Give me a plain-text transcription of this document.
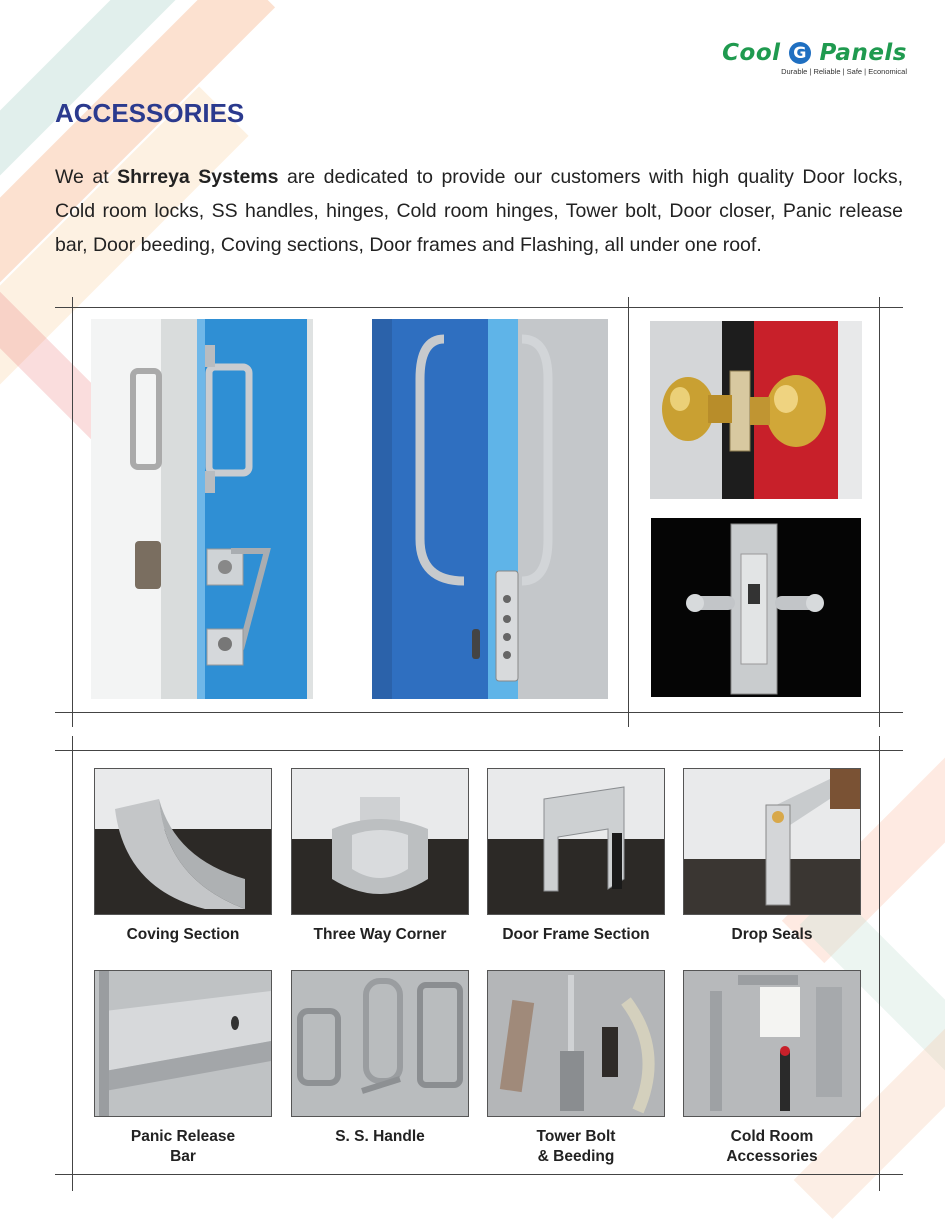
Cool G Panels
Durable | Reliable | Safe | Economical
ACCESSORIES

We at Shrreya Systems are dedicated to provide our customers with high quality Door locks, Cold room locks, SS handles, hinges, Cold room hinges, Tower bolt, Door closer, Panic release bar, Door beeding, Coving sections, Door frames and Flashing, all under one roof.

Coving Section	Three Way Corner	Door Frame Section	Drop Seals
Panic Release
Bar
S. S. Handle	Tower Bolt
& Beeding
Cold Room
Accessories
